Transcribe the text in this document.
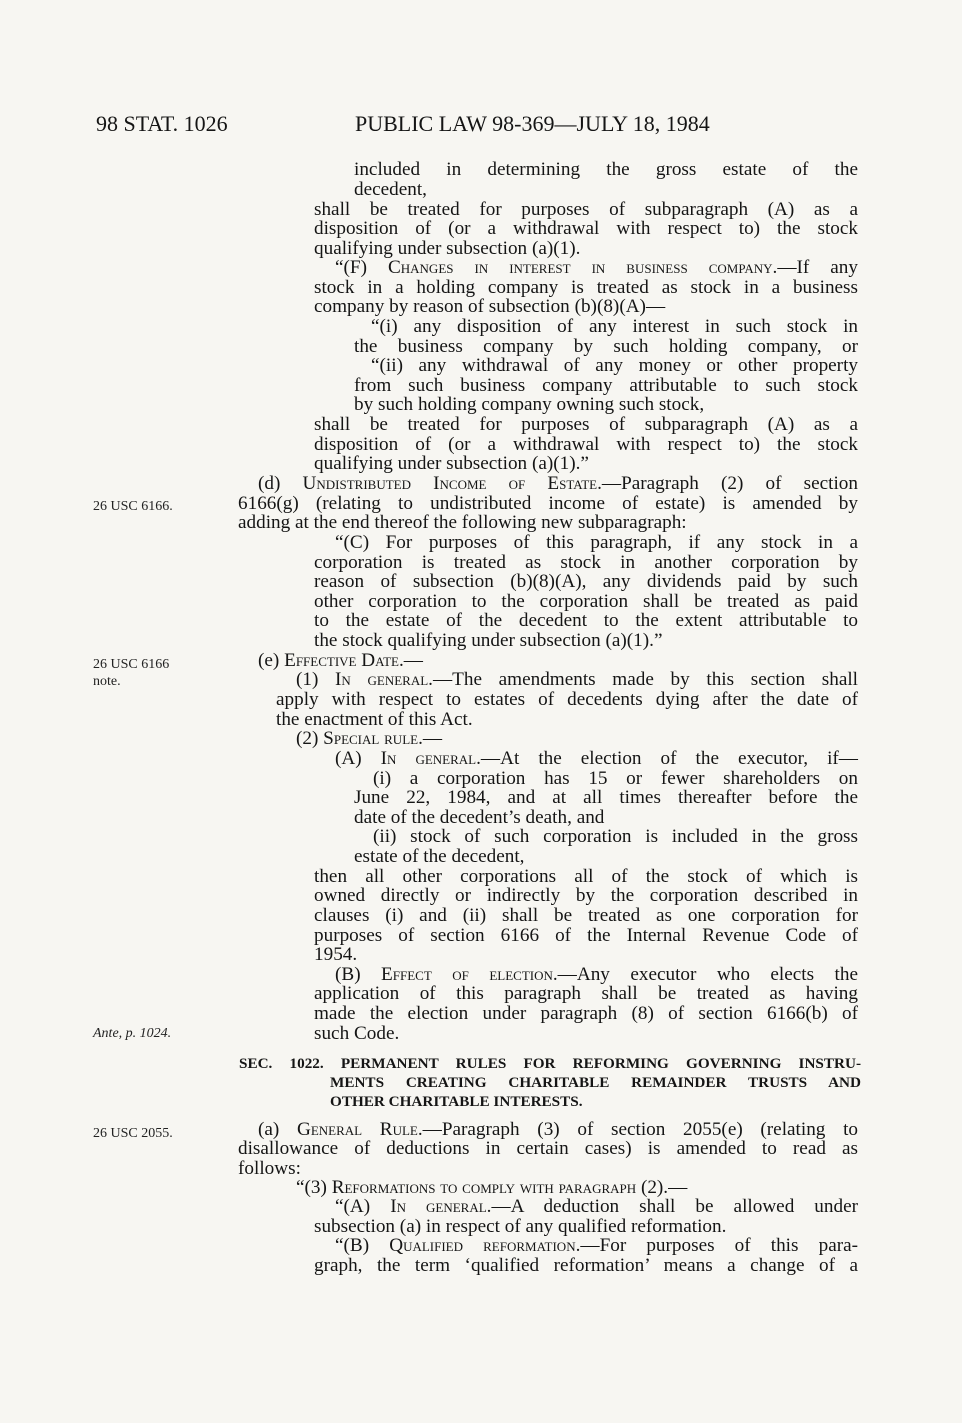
98 STAT. 1026	PUBLIC LAW 98-369—JULY 18, 1984
26 USC 6166.
26 USC 6166
note.
Ante, p. 1024.
26 USC 2055.
included in determining the gross estate of the
decedent,
shall be treated for purposes of subparagraph (A) as a
disposition of (or a withdrawal with respect to) the stock
qualifying under subsection (a)(1).
“(F) Changes in interest in business company.—If any
stock in a holding company is treated as stock in a business
company by reason of subsection (b)(8)(A)—
“(i) any disposition of any interest in such stock in
the business company by such holding company, or
“(ii) any withdrawal of any money or other property
from such business company attributable to such stock
by such holding company owning such stock,
shall be treated for purposes of subparagraph (A) as a
disposition of (or a withdrawal with respect to) the stock
qualifying under subsection (a)(1).”
(d) Undistributed Income of Estate.—Paragraph (2) of section
6166(g) (relating to undistributed income of estate) is amended by
adding at the end thereof the following new subparagraph:
“(C) For purposes of this paragraph, if any stock in a
corporation is treated as stock in another corporation by
reason of subsection (b)(8)(A), any dividends paid by such
other corporation to the corporation shall be treated as paid
to the estate of the decedent to the extent attributable to
the stock qualifying under subsection (a)(1).”
(e) Effective Date.—
(1) In general.—The amendments made by this section shall
apply with respect to estates of decedents dying after the date of
the enactment of this Act.
(2) Special rule.—
(A) In general.—At the election of the executor, if—
(i) a corporation has 15 or fewer shareholders on
June 22, 1984, and at all times thereafter before the
date of the decedent’s death, and
(ii) stock of such corporation is included in the gross
estate of the decedent,
then all other corporations all of the stock of which is
owned directly or indirectly by the corporation described in
clauses (i) and (ii) shall be treated as one corporation for
purposes of section 6166 of the Internal Revenue Code of
1954.
(B) Effect of election.—Any executor who elects the
application of this paragraph shall be treated as having
made the election under paragraph (8) of section 6166(b) of
such Code.
SEC. 1022. PERMANENT RULES FOR REFORMING GOVERNING INSTRU-
MENTS CREATING CHARITABLE REMAINDER TRUSTS AND
OTHER CHARITABLE INTERESTS.
(a) General Rule.—Paragraph (3) of section 2055(e) (relating to
disallowance of deductions in certain cases) is amended to read as
follows:
“(3) Reformations to comply with paragraph (2).—
“(A) In general.—A deduction shall be allowed under
subsection (a) in respect of any qualified reformation.
“(B) Qualified reformation.—For purposes of this para-
graph, the term ‘qualified reformation’ means a change of a
